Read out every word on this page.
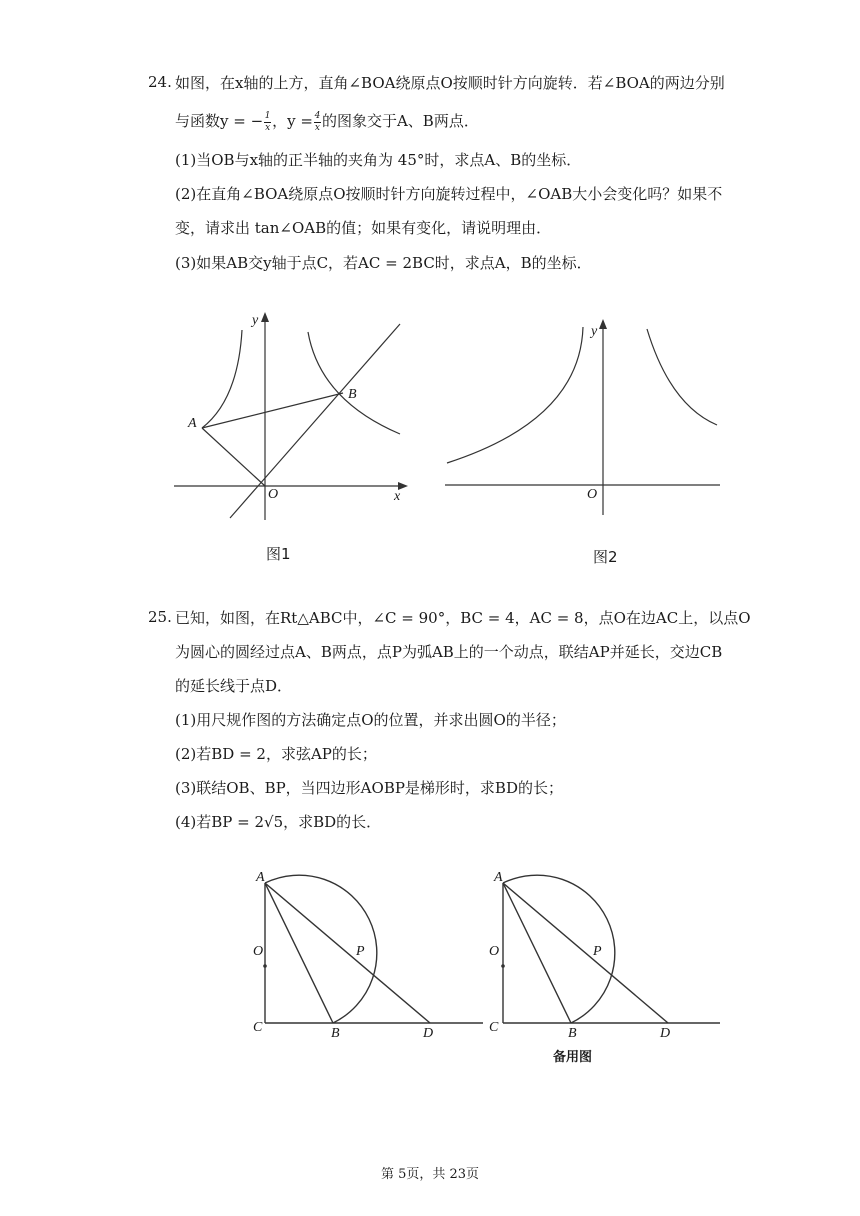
24. 如图，在x轴的上方，直角∠BOA绕原点O按顺时针方向旋转．若∠BOA的两边分别
与函数y = − $\frac{1}{x}$ ，$y = \frac{4}{x}$ 的图象交于A、B两点．
(1)当OB与x轴的正半轴的夹角为 45°时，求点A、B的坐标．
(2)在直角∠BOA绕原点O按顺时针方向旋转过程中，∠OAB大小会变化吗？如果不
变，请求出 tan∠OAB的值；如果有变化，请说明理由．
(3)如果AB交y轴于点C，若AC = 2BC时，求点A，B的坐标．
y
x
O
A
B
图1
y
O
图2
25. 已知，如图，在Rt△ABC中，∠C = 90°，BC = 4，AC = 8，点O在边AC上，以点O
为圆心的圆经过点A、B两点，点P为弧AB上的一个动点，联结AP并延长，交边CB
的延长线于点D．
(1)用尺规作图的方法确定点O的位置，并求出圆O的半径；
(2)若BD = 2，求弦AP的长；
(3)联结OB、BP，当四边形AOBP是梯形时，求BD的长；
(4)若BP = 2√5，求BD的长．
A
O	P
C	B	D
A
O	P
C	B	D
备用图
第 5页，共 23页
